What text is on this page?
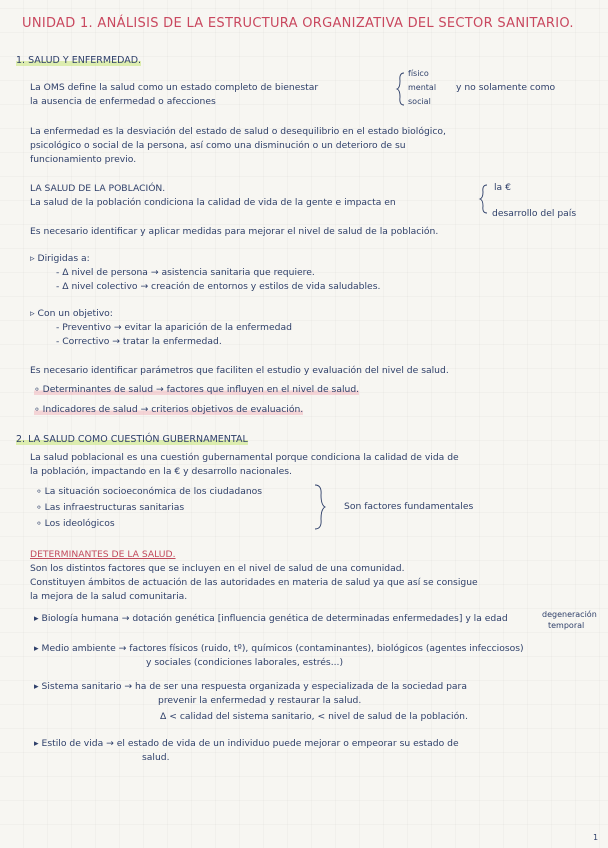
UNIDAD 1. ANÁLISIS DE LA ESTRUCTURA ORGANIZATIVA DEL SECTOR SANITARIO.
1. SALUD Y ENFERMEDAD.
La OMS define la salud como un estado completo de bienestar
físico
mental
social
y no solamente como
la ausencia de enfermedad o afecciones
La enfermedad es la desviación del estado de salud o desequilibrio en el estado biológico,
psicológico o social de la persona, así como una disminución o un deterioro de su
funcionamiento previo.
LA SALUD DE LA POBLACIÓN.
La salud de la población condiciona la calidad de vida de la gente e impacta en
la €
desarrollo del país
Es necesario identificar y aplicar medidas para mejorar el nivel de salud de la población.
▹ Dirigidas a:
- Δ nivel de persona → asistencia sanitaria que requiere.
- Δ nivel colectivo → creación de entornos y estilos de vida saludables.
▹ Con un objetivo:
- Preventivo → evitar la aparición de la enfermedad
- Correctivo → tratar la enfermedad.
Es necesario identificar parámetros que faciliten el estudio y evaluación del nivel de salud.
∘ Determinantes de salud → factores que influyen en el nivel de salud.
∘ Indicadores de salud → criterios objetivos de evaluación.
2. LA SALUD COMO CUESTIÓN GUBERNAMENTAL
La salud poblacional es una cuestión gubernamental porque condiciona la calidad de vida de
la población, impactando en la € y desarrollo nacionales.
∘ La situación socioeconómica de los ciudadanos
∘ Las infraestructuras sanitarias
∘ Los ideológicos
Son factores fundamentales
DETERMINANTES DE LA SALUD.
Son los distintos factores que se incluyen en el nivel de salud de una comunidad.
Constituyen ámbitos de actuación de las autoridades en materia de salud ya que así se consigue
la mejora de la salud comunitaria.
▸ Biología humana → dotación genética [influencia genética de determinadas enfermedades] y la edad	degeneración
temporal
▸ Medio ambiente → factores físicos (ruido, tº), químicos (contaminantes), biológicos (agentes infecciosos)
y sociales (condiciones laborales, estrés...)
▸ Sistema sanitario → ha de ser una respuesta organizada y especializada de la sociedad para
prevenir la enfermedad y restaurar la salud.
Δ < calidad del sistema sanitario, < nivel de salud de la población.
▸ Estilo de vida → el estado de vida de un individuo puede mejorar o empeorar su estado de
salud.
1
